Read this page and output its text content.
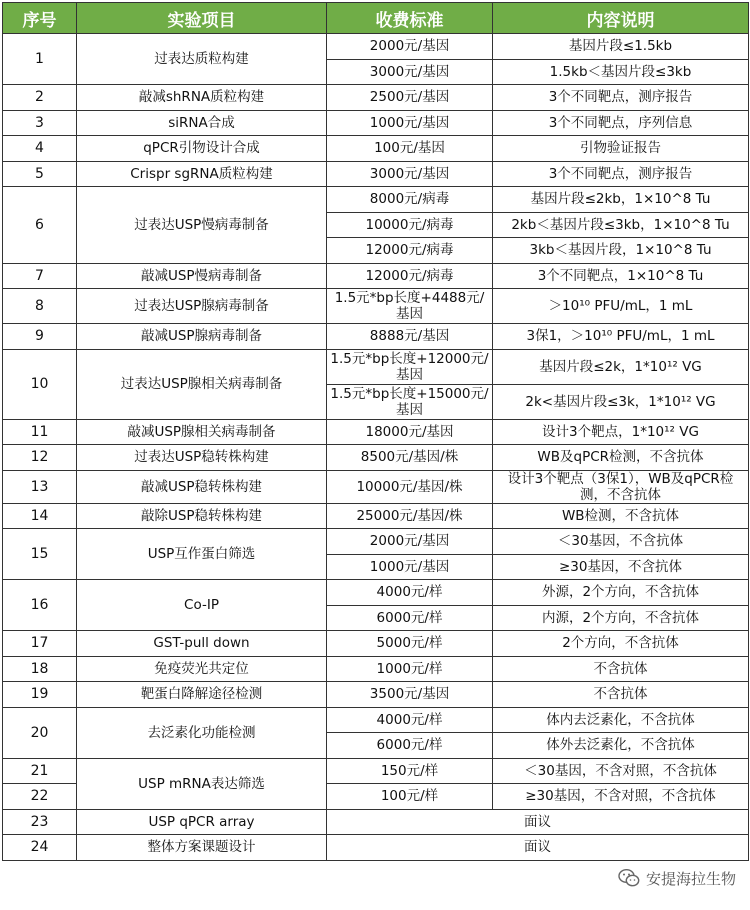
序号	实验项目	收费标准	内容说明
1	过表达质粒构建	2000元/基因	基因片段≤1.5kb
		3000元/基因	1.5kb＜基因片段≤3kb
2	敲减shRNA质粒构建	2500元/基因	3个不同靶点，测序报告
3	siRNA合成	1000元/基因	3个不同靶点，序列信息
4	qPCR引物设计合成	100元/基因	引物验证报告
5	Crispr sgRNA质粒构建	3000元/基因	3个不同靶点，测序报告
6	过表达USP慢病毒制备	8000元/病毒	基因片段≤2kb，1×10^8 Tu
		10000元/病毒	2kb＜基因片段≤3kb，1×10^8 Tu
		12000元/病毒	3kb＜基因片段，1×10^8 Tu
7	敲减USP慢病毒制备	12000元/病毒	3个不同靶点，1×10^8 Tu
8	过表达USP腺病毒制备	1.5元*bp长度+4488元/基因	＞10¹⁰ PFU/mL，1 mL
9	敲减USP腺病毒制备	8888元/基因	3保1，＞10¹⁰ PFU/mL，1 mL
10	过表达USP腺相关病毒制备	1.5元*bp长度+12000元/基因	基因片段≤2k，1*10¹² VG
		1.5元*bp长度+15000元/基因	2k<基因片段≤3k，1*10¹² VG
11	敲减USP腺相关病毒制备	18000元/基因	设计3个靶点，1*10¹² VG
12	过表达USP稳转株构建	8500元/基因/株	WB及qPCR检测，不含抗体
13	敲减USP稳转株构建	10000元/基因/株	设计3个靶点（3保1），WB及qPCR检测，不含抗体
14	敲除USP稳转株构建	25000元/基因/株	WB检测，不含抗体
15	USP互作蛋白筛选	2000元/基因	＜30基因，不含抗体
		1000元/基因	≥30基因，不含抗体
16	Co-IP	4000元/样	外源，2个方向，不含抗体
		6000元/样	内源，2个方向，不含抗体
17	GST-pull down	5000元/样	2个方向，不含抗体
18	免疫荧光共定位	1000元/样	不含抗体
19	靶蛋白降解途径检测	3500元/基因	不含抗体
20	去泛素化功能检测	4000元/样	体内去泛素化，不含抗体
		6000元/样	体外去泛素化，不含抗体
21	USP mRNA表达筛选	150元/样	＜30基因，不含对照，不含抗体
22		100元/样	≥30基因，不含对照，不含抗体
23	USP qPCR array	面议	
24	整体方案课题设计	面议	
安提海拉生物
